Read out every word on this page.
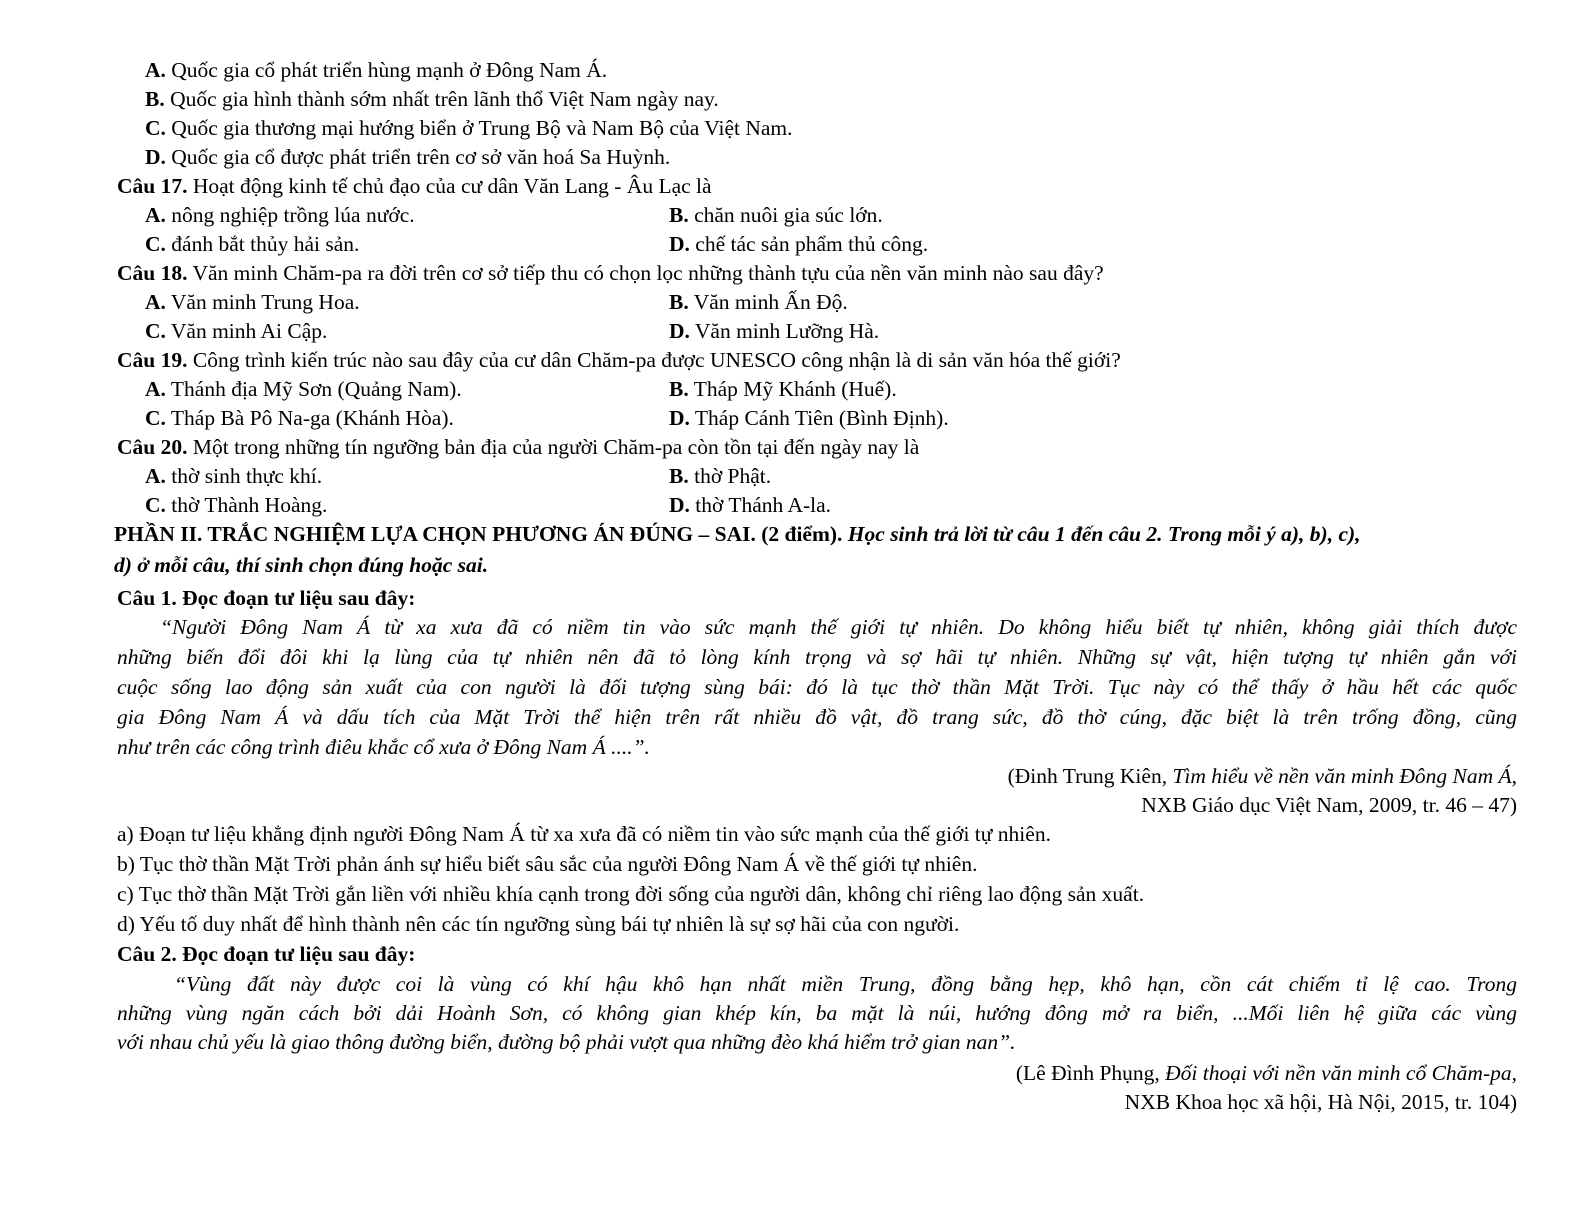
A. Quốc gia cổ phát triển hùng mạnh ở Đông Nam Á.
B. Quốc gia hình thành sớm nhất trên lãnh thổ Việt Nam ngày nay.
C. Quốc gia thương mại hướng biển ở Trung Bộ và Nam Bộ của Việt Nam.
D. Quốc gia cổ được phát triển trên cơ sở văn hoá Sa Huỳnh.
Câu 17. Hoạt động kinh tế chủ đạo của cư dân Văn Lang - Âu Lạc là
A. nông nghiệp trồng lúa nước.	B. chăn nuôi gia súc lớn.
C. đánh bắt thủy hải sản.	D. chế tác sản phẩm thủ công.
Câu 18. Văn minh Chăm-pa ra đời trên cơ sở tiếp thu có chọn lọc những thành tựu của nền văn minh nào sau đây?
A. Văn minh Trung Hoa.	B. Văn minh Ấn Độ.
C. Văn minh Ai Cập.	D. Văn minh Lưỡng Hà.
Câu 19. Công trình kiến trúc nào sau đây của cư dân Chăm-pa được UNESCO công nhận là di sản văn hóa thế giới?
A. Thánh địa Mỹ Sơn (Quảng Nam).	B. Tháp Mỹ Khánh (Huế).
C. Tháp Bà Pô Na-ga (Khánh Hòa).	D. Tháp Cánh Tiên (Bình Định).
Câu 20. Một trong những tín ngưỡng bản địa của người Chăm-pa còn tồn tại đến ngày nay là
A. thờ sinh thực khí.	B. thờ Phật.
C. thờ Thành Hoàng.	D. thờ Thánh A-la.
PHẦN II. TRẮC NGHIỆM LỰA CHỌN PHƯƠNG ÁN ĐÚNG – SAI. (2 điểm). Học sinh trả lời từ câu 1 đến câu 2. Trong mỗi ý a), b), c),
d) ở mỗi câu, thí sinh chọn đúng hoặc sai.
Câu 1. Đọc đoạn tư liệu sau đây:
“Người Đông Nam Á từ xa xưa đã có niềm tin vào sức mạnh thế giới tự nhiên. Do không hiểu biết tự nhiên, không giải thích được
những biến đổi đôi khi lạ lùng của tự nhiên nên đã tỏ lòng kính trọng và sợ hãi tự nhiên. Những sự vật, hiện tượng tự nhiên gắn với
cuộc sống lao động sản xuất của con người là đối tượng sùng bái: đó là tục thờ thần Mặt Trời. Tục này có thể thấy ở hầu hết các quốc
gia Đông Nam Á và dấu tích của Mặt Trời thể hiện trên rất nhiều đồ vật, đồ trang sức, đồ thờ cúng, đặc biệt là trên trống đồng, cũng
như trên các công trình điêu khắc cổ xưa ở Đông Nam Á ....”.
(Đinh Trung Kiên, Tìm hiểu về nền văn minh Đông Nam Á,
NXB Giáo dục Việt Nam, 2009, tr. 46 – 47)
a) Đoạn tư liệu khẳng định người Đông Nam Á từ xa xưa đã có niềm tin vào sức mạnh của thế giới tự nhiên.
b) Tục thờ thần Mặt Trời phản ánh sự hiểu biết sâu sắc của người Đông Nam Á về thế giới tự nhiên.
c) Tục thờ thần Mặt Trời gắn liền với nhiều khía cạnh trong đời sống của người dân, không chỉ riêng lao động sản xuất.
d) Yếu tố duy nhất để hình thành nên các tín ngưỡng sùng bái tự nhiên là sự sợ hãi của con người.
Câu 2. Đọc đoạn tư liệu sau đây:
“Vùng đất này được coi là vùng có khí hậu khô hạn nhất miền Trung, đồng bằng hẹp, khô hạn, cồn cát chiếm tỉ lệ cao. Trong
những vùng ngăn cách bởi dải Hoành Sơn, có không gian khép kín, ba mặt là núi, hướng đông mở ra biển, ...Mối liên hệ giữa các vùng
với nhau chủ yếu là giao thông đường biển, đường bộ phải vượt qua những đèo khá hiểm trở gian nan”.
(Lê Đình Phụng, Đối thoại với nền văn minh cổ Chăm-pa,
NXB Khoa học xã hội, Hà Nội, 2015, tr. 104)
